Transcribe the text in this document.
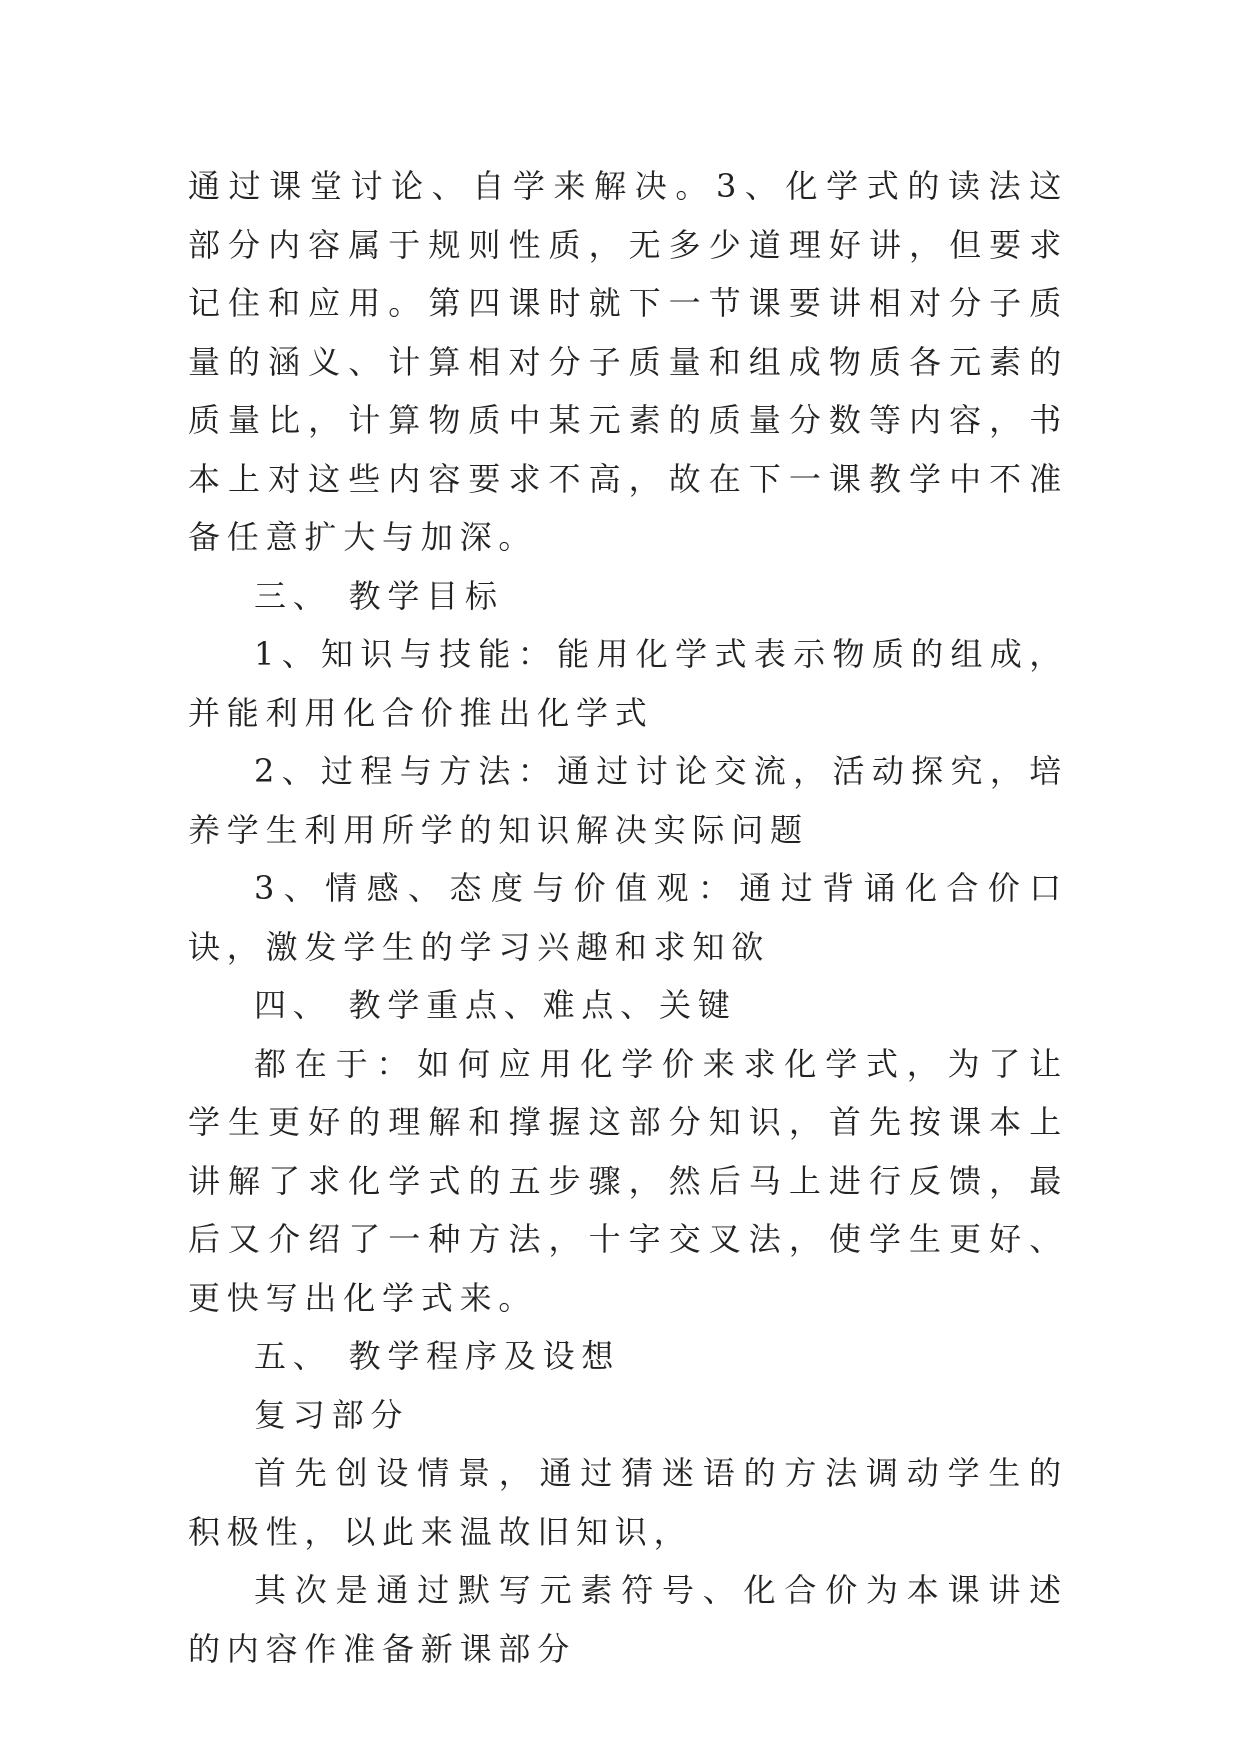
通过课堂讨论、自学来解决。3、化学式的读法这部分内容属于规则性质，无多少道理好讲，但要求记住和应用。第四课时就下一节课要讲相对分子质量的涵义、计算相对分子质量和组成物质各元素的质量比，计算物质中某元素的质量分数等内容，书本上对这些内容要求不高，故在下一课教学中不准备任意扩大与加深。

三、 教学目标

1、知识与技能：能用化学式表示物质的组成，并能利用化合价推出化学式

2、过程与方法：通过讨论交流，活动探究，培养学生利用所学的知识解决实际问题

3、情感、态度与价值观：通过背诵化合价口诀，激发学生的学习兴趣和求知欲

四、 教学重点、难点、关键

都在于：如何应用化学价来求化学式，为了让学生更好的理解和撑握这部分知识，首先按课本上讲解了求化学式的五步骤，然后马上进行反馈，最后又介绍了一种方法，十字交叉法，使学生更好、更快写出化学式来。

五、 教学程序及设想

复习部分

首先创设情景，通过猜迷语的方法调动学生的积极性，以此来温故旧知识，

其次是通过默写元素符号、化合价为本课讲述的内容作准备新课部分
